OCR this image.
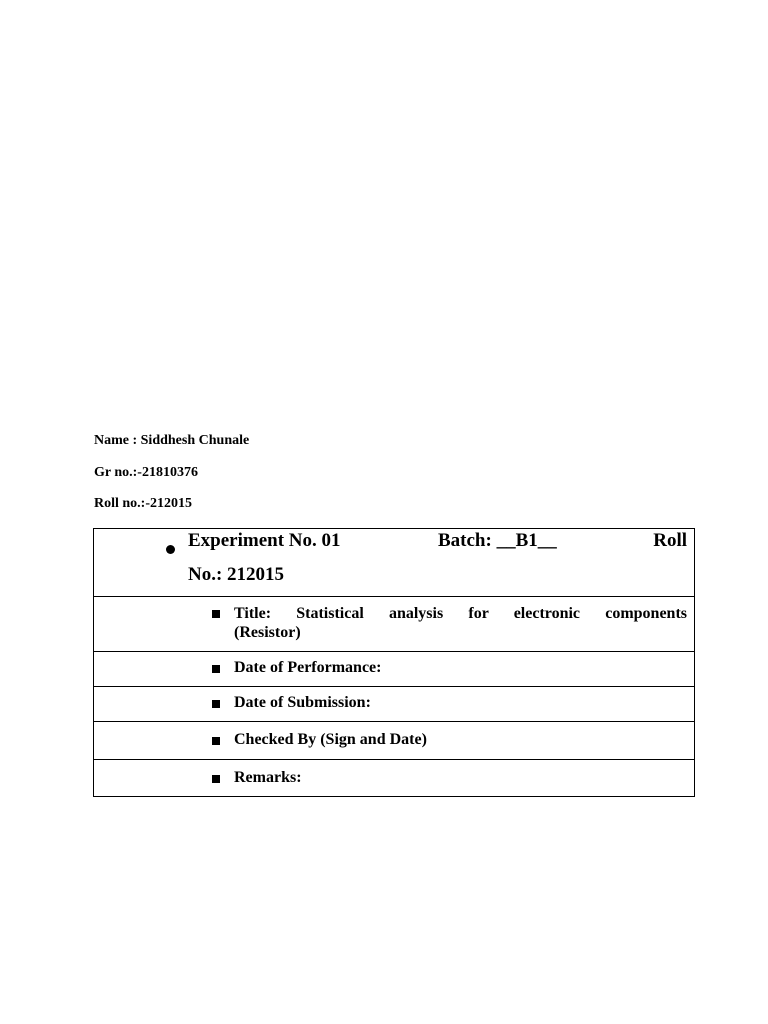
Name : Siddhesh Chunale
Gr no.:-21810376
Roll no.:-212015
Experiment No. 01	Batch: __B1__	Roll
No.: 212015
Title: Statistical analysis for electronic components
(Resistor)
Date of Performance:
Date of Submission:
Checked By (Sign and Date)
Remarks:
